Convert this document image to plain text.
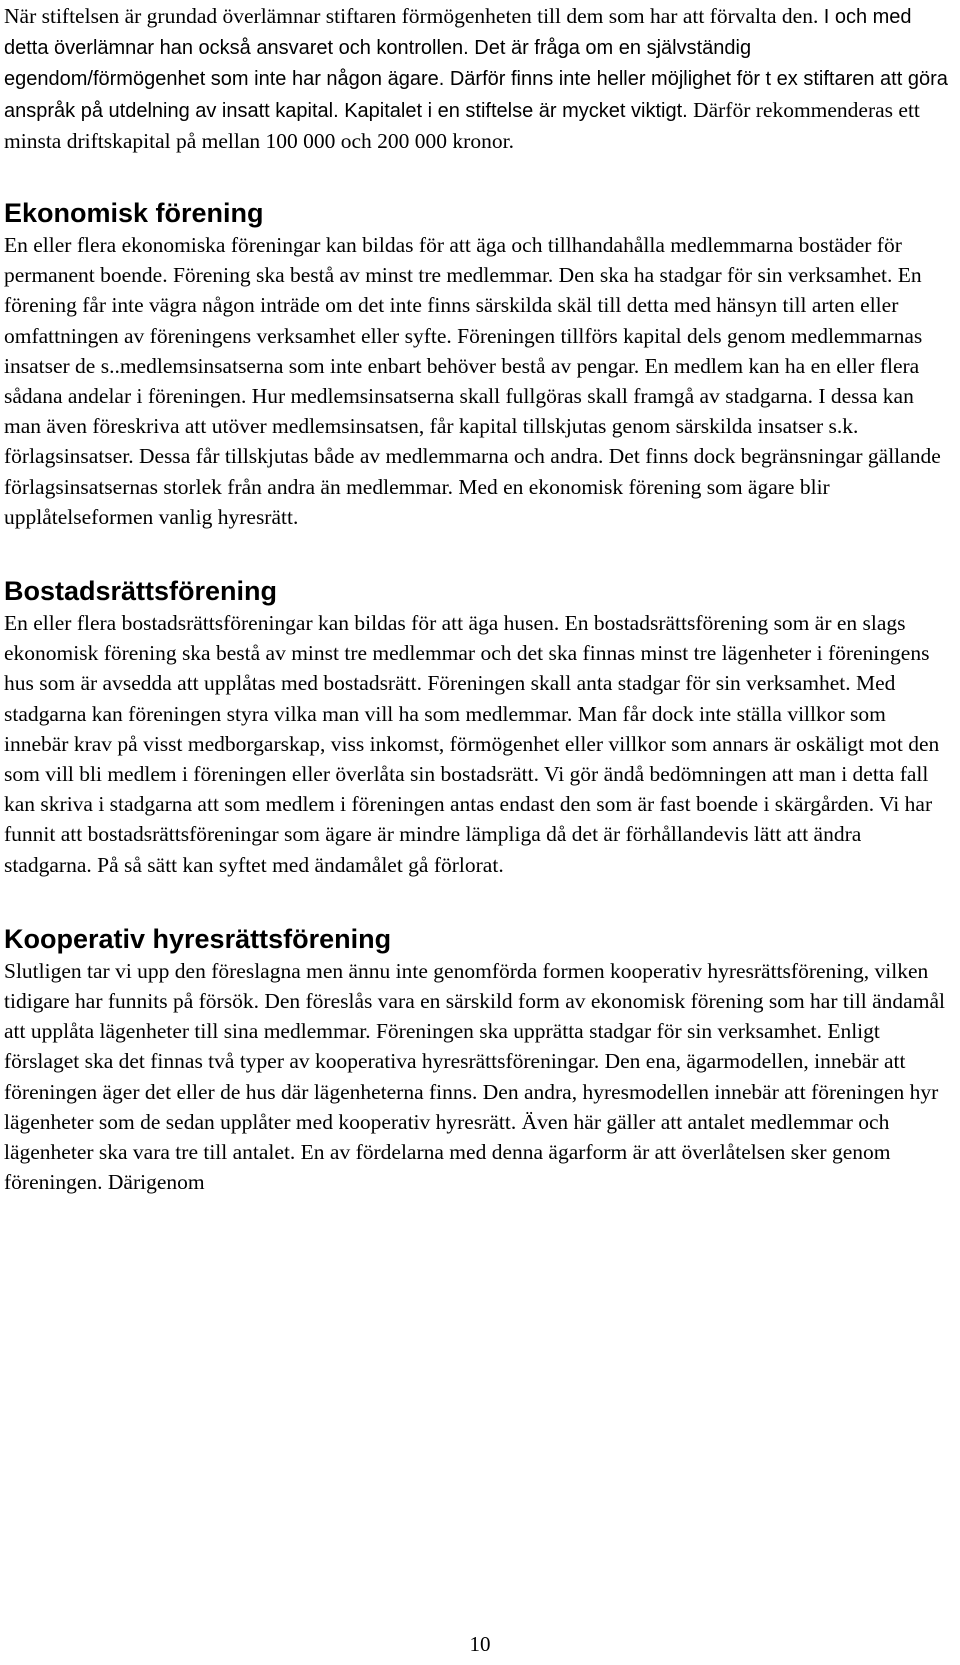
När stiftelsen är grundad överlämnar stiftaren förmögenheten till dem som har att förvalta den. I och med detta överlämnar han också ansvaret och kontrollen. Det är fråga om en självständig egendom/förmögenhet som inte har någon ägare. Därför finns inte heller möjlighet för t ex stiftaren att göra anspråk på utdelning av insatt kapital. Kapitalet i en stiftelse är mycket viktigt. Därför rekommenderas ett minsta driftskapital på mellan 100 000 och 200 000 kronor.

Ekonomisk förening

En eller flera ekonomiska föreningar kan bildas för att äga och tillhandahålla medlemmarna bostäder för permanent boende. Förening ska bestå av minst tre medlemmar. Den ska ha stadgar för sin verksamhet. En förening får inte vägra någon inträde om det inte finns särskilda skäl till detta med hänsyn till arten eller omfattningen av föreningens verksamhet eller syfte. Föreningen tillförs kapital dels genom medlemmarnas insatser de s..medlemsinsatserna som inte enbart behöver bestå av pengar. En medlem kan ha en eller flera sådana andelar i föreningen. Hur medlemsinsatserna skall fullgöras skall framgå av stadgarna. I dessa kan man även föreskriva att utöver medlemsinsatsen, får kapital tillskjutas genom särskilda insatser s.k. förlagsinsatser. Dessa får tillskjutas både av medlemmarna och andra. Det finns dock begränsningar gällande förlagsinsatsernas storlek från andra än medlemmar. Med en ekonomisk förening som ägare blir upplåtelseformen vanlig hyresrätt.

Bostadsrättsförening

En eller flera bostadsrättsföreningar kan bildas för att äga husen. En bostadsrättsförening som är en slags ekonomisk förening ska bestå av minst tre medlemmar och det ska finnas minst tre lägenheter i föreningens hus som är avsedda att upplåtas med bostadsrätt. Föreningen skall anta stadgar för sin verksamhet. Med stadgarna kan föreningen styra vilka man vill ha som medlemmar. Man får dock inte ställa villkor som innebär krav på visst medborgarskap, viss inkomst, förmögenhet eller villkor som annars är oskäligt mot den som vill bli medlem i föreningen eller överlåta sin bostadsrätt. Vi gör ändå bedömningen att man i detta fall kan skriva i stadgarna att som medlem i föreningen antas endast den som är fast boende i skärgården. Vi har funnit att bostadsrättsföreningar som ägare är mindre lämpliga då det är förhållandevis lätt att ändra stadgarna. På så sätt kan syftet med ändamålet gå förlorat.

Kooperativ hyresrättsförening

Slutligen tar vi upp den föreslagna men ännu inte genomförda formen kooperativ hyresrättsförening, vilken tidigare har funnits på försök. Den föreslås vara en särskild form av ekonomisk förening som har till ändamål att upplåta lägenheter till sina medlemmar. Föreningen ska upprätta stadgar för sin verksamhet. Enligt förslaget ska det finnas två typer av kooperativa hyresrättsföreningar. Den ena, ägarmodellen, innebär att föreningen äger det eller de hus där lägenheterna finns. Den andra, hyresmodellen innebär att föreningen hyr lägenheter som de sedan upplåter med kooperativ hyresrätt. Även här gäller att antalet medlemmar och lägenheter ska vara tre till antalet. En av fördelarna med denna ägarform är att överlåtelsen sker genom föreningen. Därigenom

10
